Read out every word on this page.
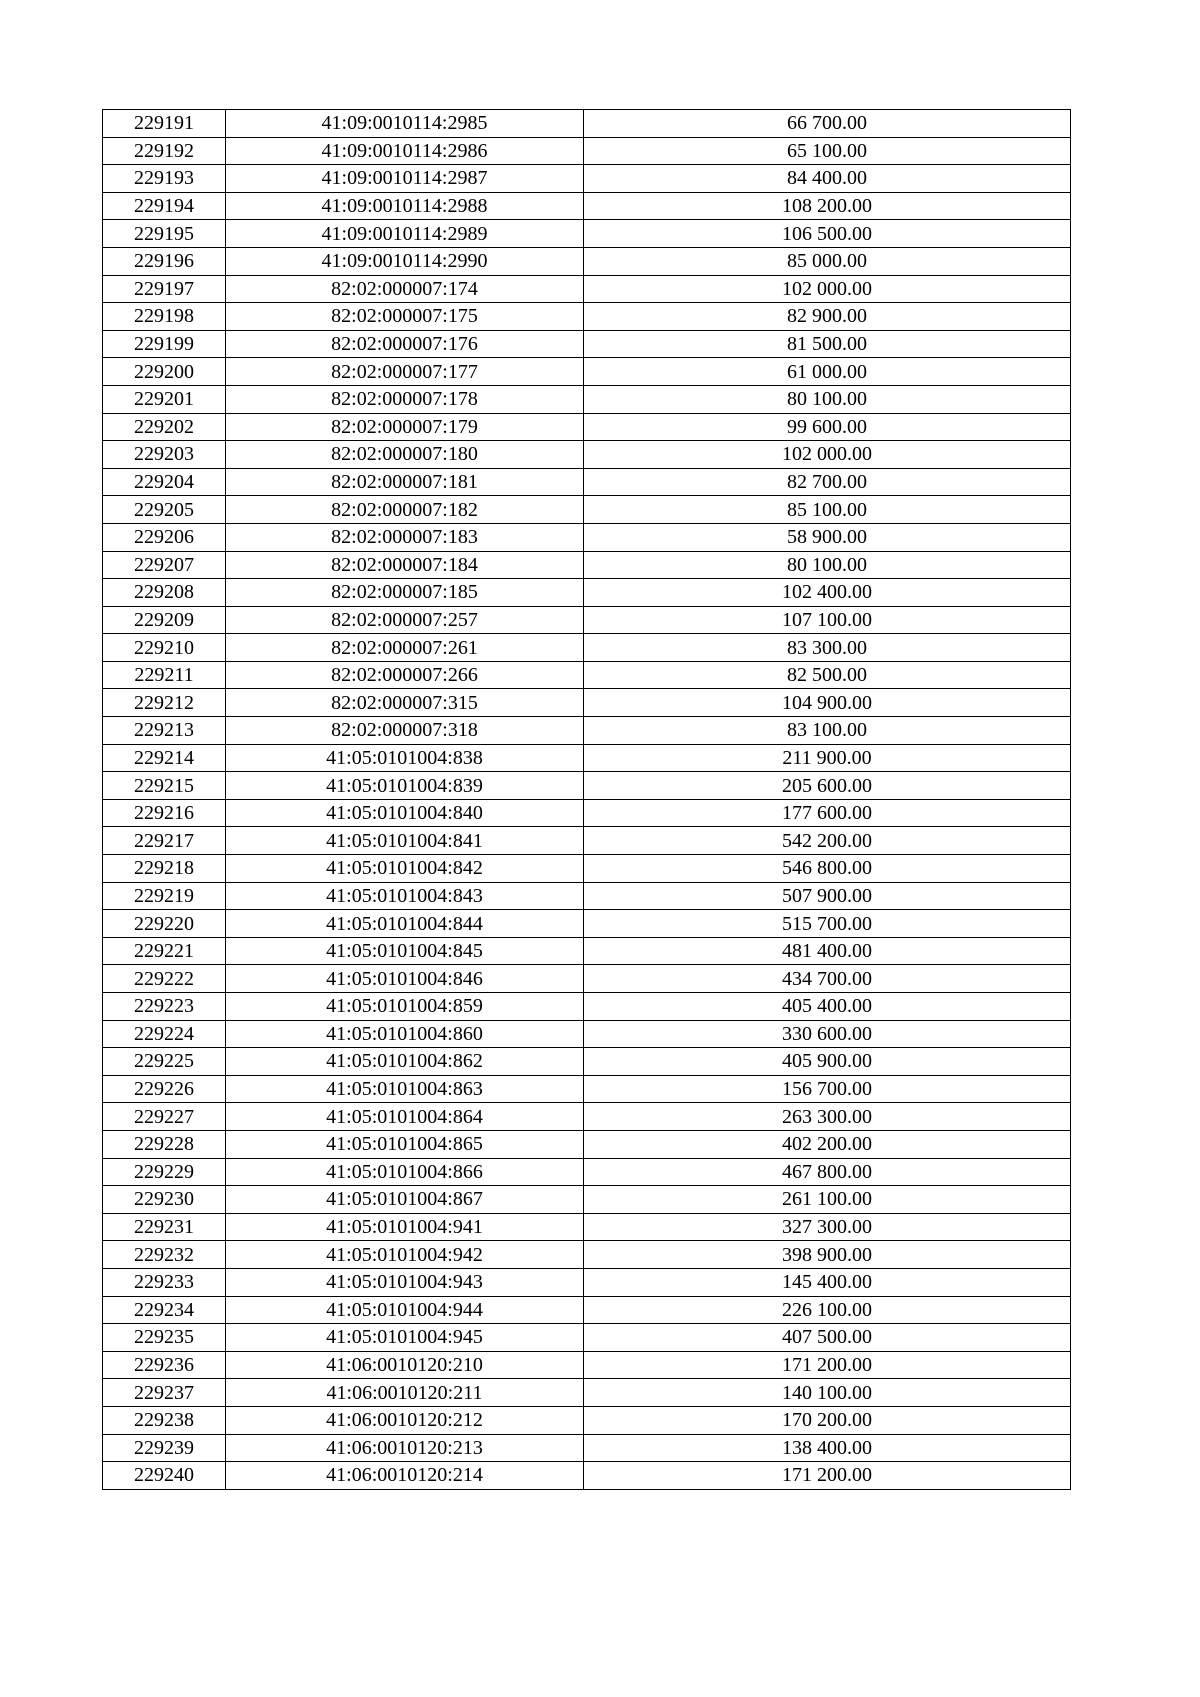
229191	41:09:0010114:2985	66 700.00
229192	41:09:0010114:2986	65 100.00
229193	41:09:0010114:2987	84 400.00
229194	41:09:0010114:2988	108 200.00
229195	41:09:0010114:2989	106 500.00
229196	41:09:0010114:2990	85 000.00
229197	82:02:000007:174	102 000.00
229198	82:02:000007:175	82 900.00
229199	82:02:000007:176	81 500.00
229200	82:02:000007:177	61 000.00
229201	82:02:000007:178	80 100.00
229202	82:02:000007:179	99 600.00
229203	82:02:000007:180	102 000.00
229204	82:02:000007:181	82 700.00
229205	82:02:000007:182	85 100.00
229206	82:02:000007:183	58 900.00
229207	82:02:000007:184	80 100.00
229208	82:02:000007:185	102 400.00
229209	82:02:000007:257	107 100.00
229210	82:02:000007:261	83 300.00
229211	82:02:000007:266	82 500.00
229212	82:02:000007:315	104 900.00
229213	82:02:000007:318	83 100.00
229214	41:05:0101004:838	211 900.00
229215	41:05:0101004:839	205 600.00
229216	41:05:0101004:840	177 600.00
229217	41:05:0101004:841	542 200.00
229218	41:05:0101004:842	546 800.00
229219	41:05:0101004:843	507 900.00
229220	41:05:0101004:844	515 700.00
229221	41:05:0101004:845	481 400.00
229222	41:05:0101004:846	434 700.00
229223	41:05:0101004:859	405 400.00
229224	41:05:0101004:860	330 600.00
229225	41:05:0101004:862	405 900.00
229226	41:05:0101004:863	156 700.00
229227	41:05:0101004:864	263 300.00
229228	41:05:0101004:865	402 200.00
229229	41:05:0101004:866	467 800.00
229230	41:05:0101004:867	261 100.00
229231	41:05:0101004:941	327 300.00
229232	41:05:0101004:942	398 900.00
229233	41:05:0101004:943	145 400.00
229234	41:05:0101004:944	226 100.00
229235	41:05:0101004:945	407 500.00
229236	41:06:0010120:210	171 200.00
229237	41:06:0010120:211	140 100.00
229238	41:06:0010120:212	170 200.00
229239	41:06:0010120:213	138 400.00
229240	41:06:0010120:214	171 200.00
